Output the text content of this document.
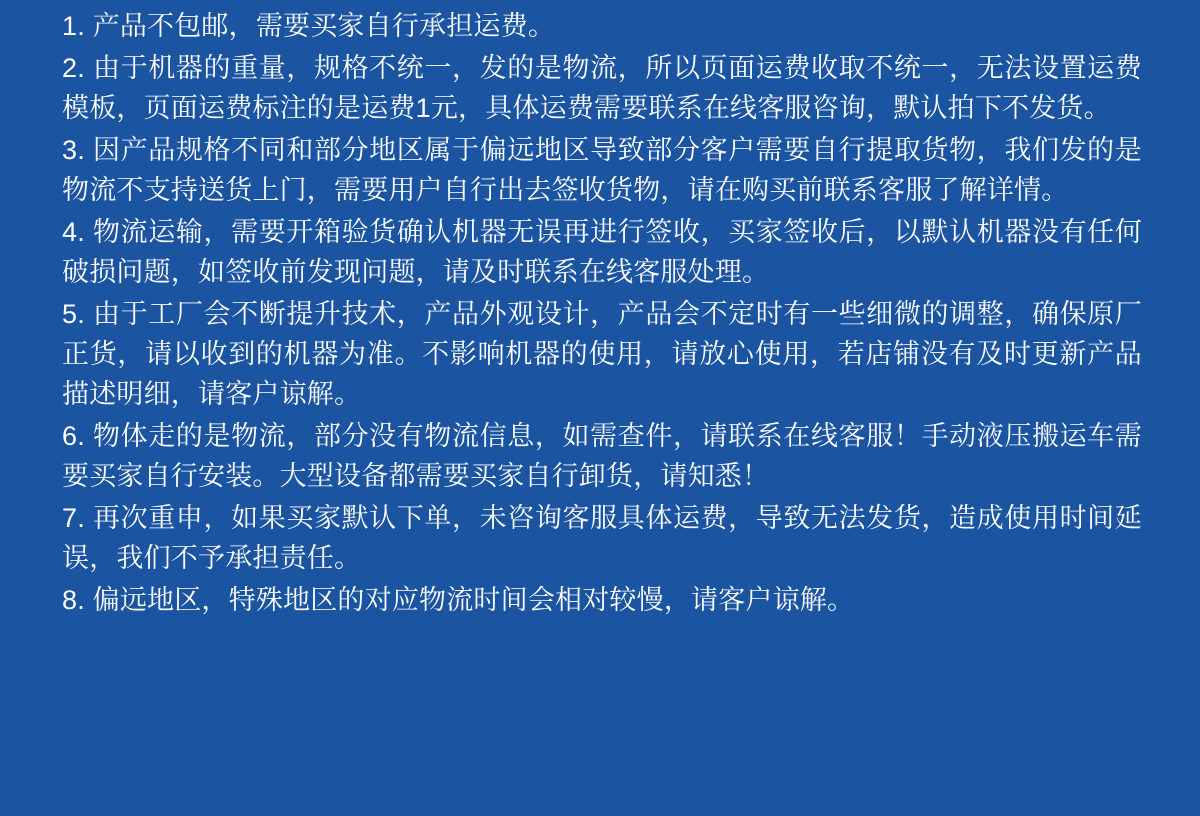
1. 产品不包邮，需要买家自行承担运费。
2. 由于机器的重量，规格不统一，发的是物流，所以页面运费收取不统一，无法设置运费模板，页面运费标注的是运费1元，具体运费需要联系在线客服咨询，默认拍下不发货。
3. 因产品规格不同和部分地区属于偏远地区导致部分客户需要自行提取货物，我们发的是物流不支持送货上门，需要用户自行出去签收货物，请在购买前联系客服了解详情。
4. 物流运输，需要开箱验货确认机器无误再进行签收，买家签收后，以默认机器没有任何破损问题，如签收前发现问题，请及时联系在线客服处理。
5. 由于工厂会不断提升技术，产品外观设计，产品会不定时有一些细微的调整，确保原厂正货，请以收到的机器为准。不影响机器的使用，请放心使用，若店铺没有及时更新产品描述明细，请客户谅解。
6. 物体走的是物流，部分没有物流信息，如需查件，请联系在线客服！手动液压搬运车需要买家自行安装。大型设备都需要买家自行卸货，请知悉！
7. 再次重申，如果买家默认下单，未咨询客服具体运费，导致无法发货，造成使用时间延误，我们不予承担责任。
8. 偏远地区，特殊地区的对应物流时间会相对较慢，请客户谅解。
